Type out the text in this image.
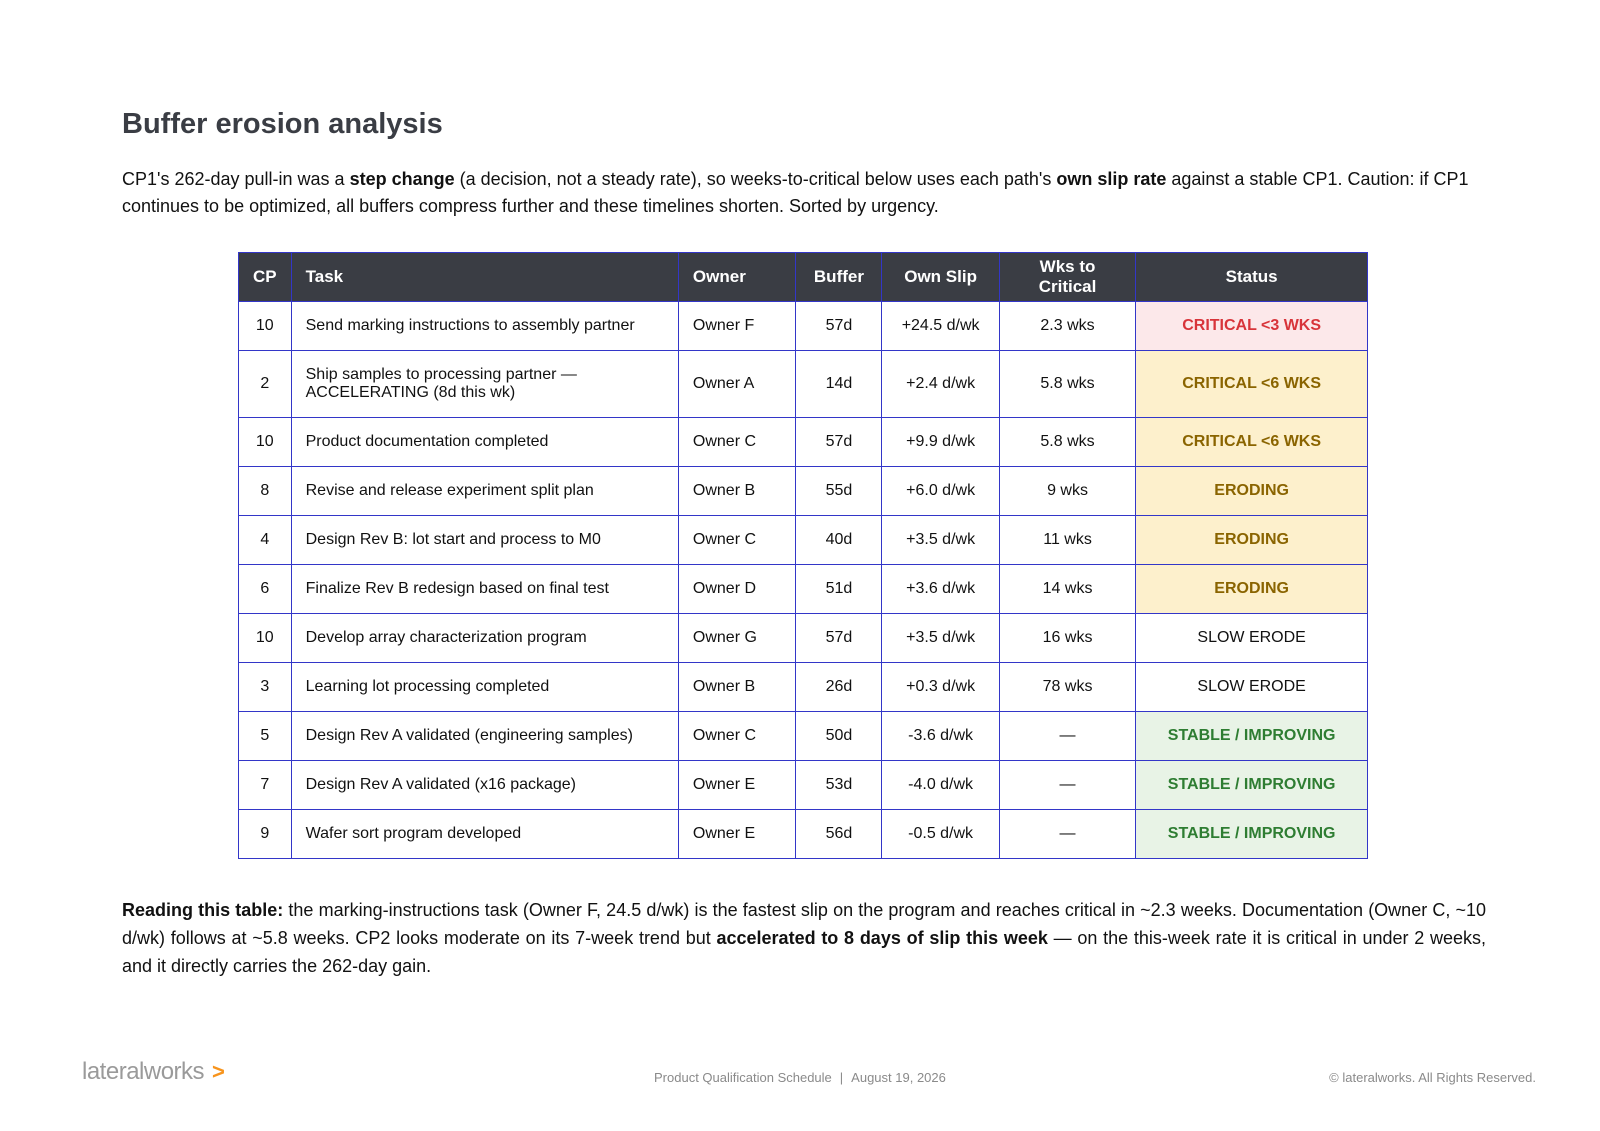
Buffer erosion analysis

CP1's 262-day pull-in was a step change (a decision, not a steady rate), so weeks-to-critical below uses each path's own slip rate against a stable CP1. Caution: if CP1 continues to be optimized, all buffers compress further and these timelines shorten. Sorted by urgency.

CP	Task	Owner	Buffer	Own Slip	Wks to Critical	Status
10	Send marking instructions to assembly partner	Owner F	57d	+24.5 d/wk	2.3 wks	CRITICAL <3 WKS
2	Ship samples to processing partner — ACCELERATING (8d this wk)	Owner A	14d	+2.4 d/wk	5.8 wks	CRITICAL <6 WKS
10	Product documentation completed	Owner C	57d	+9.9 d/wk	5.8 wks	CRITICAL <6 WKS
8	Revise and release experiment split plan	Owner B	55d	+6.0 d/wk	9 wks	ERODING
4	Design Rev B: lot start and process to M0	Owner C	40d	+3.5 d/wk	11 wks	ERODING
6	Finalize Rev B redesign based on final test	Owner D	51d	+3.6 d/wk	14 wks	ERODING
10	Develop array characterization program	Owner G	57d	+3.5 d/wk	16 wks	SLOW ERODE
3	Learning lot processing completed	Owner B	26d	+0.3 d/wk	78 wks	SLOW ERODE
5	Design Rev A validated (engineering samples)	Owner C	50d	-3.6 d/wk	—	STABLE / IMPROVING
7	Design Rev A validated (x16 package)	Owner E	53d	-4.0 d/wk	—	STABLE / IMPROVING
9	Wafer sort program developed	Owner E	56d	-0.5 d/wk	—	STABLE / IMPROVING

Reading this table: the marking-instructions task (Owner F, 24.5 d/wk) is the fastest slip on the program and reaches critical in ~2.3 weeks. Documentation (Owner C, ~10 d/wk) follows at ~5.8 weeks. CP2 looks moderate on its 7-week trend but accelerated to 8 days of slip this week — on the this-week rate it is critical in under 2 weeks, and it directly carries the 262-day gain.

lateralworks >	Product Qualification Schedule | August 19, 2026	© lateralworks. All Rights Reserved.
